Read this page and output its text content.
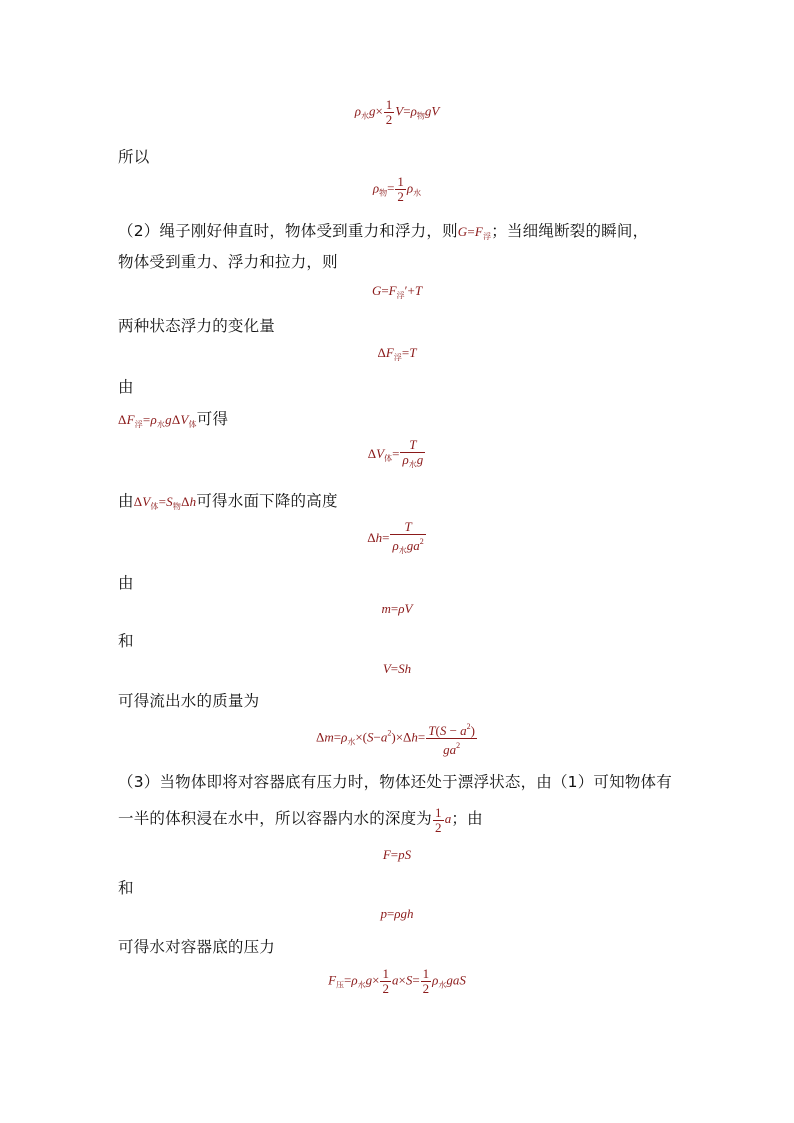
$\rho_水g\times \frac{1}{2} V=\rho_物gV$
所以
$\rho_物= \frac{1}{2} \rho_水$
（2）绳子刚好伸直时，物体受到重力和浮力，则$G=F_浮$；当细绳断裂的瞬间，
物体受到重力、浮力和拉力，则
$G=F_浮'+T$
两种状态浮力的变化量
$\Delta F_浮=T$
由
$\Delta F_浮=\rho_水g\Delta V_体$可得
$\Delta V_体= \frac{T}{\rho_水g}$
由$\Delta V_体=S_物\Delta h$可得水面下降的高度
$\Delta h= \frac{T}{\rho_水ga^2}$
由
m=ρV
和
V=Sh
可得流出水的质量为
$\Delta m=\rho_水\times(S-a^2)\times\Delta h= \frac{T(S - a^2)}{ga^2}$
（3）当物体即将对容器底有压力时，物体还处于漂浮状态，由（1）可知物体有
一半的体积浸在水中，所以容器内水的深度为 $\frac{1}{2}$ a；由
F=pS
和
p=ρgh
可得水对容器底的压力
$F_压=\rho_水g\times \frac{1}{2} a\times S= \frac{1}{2} \rho_水gaS$
